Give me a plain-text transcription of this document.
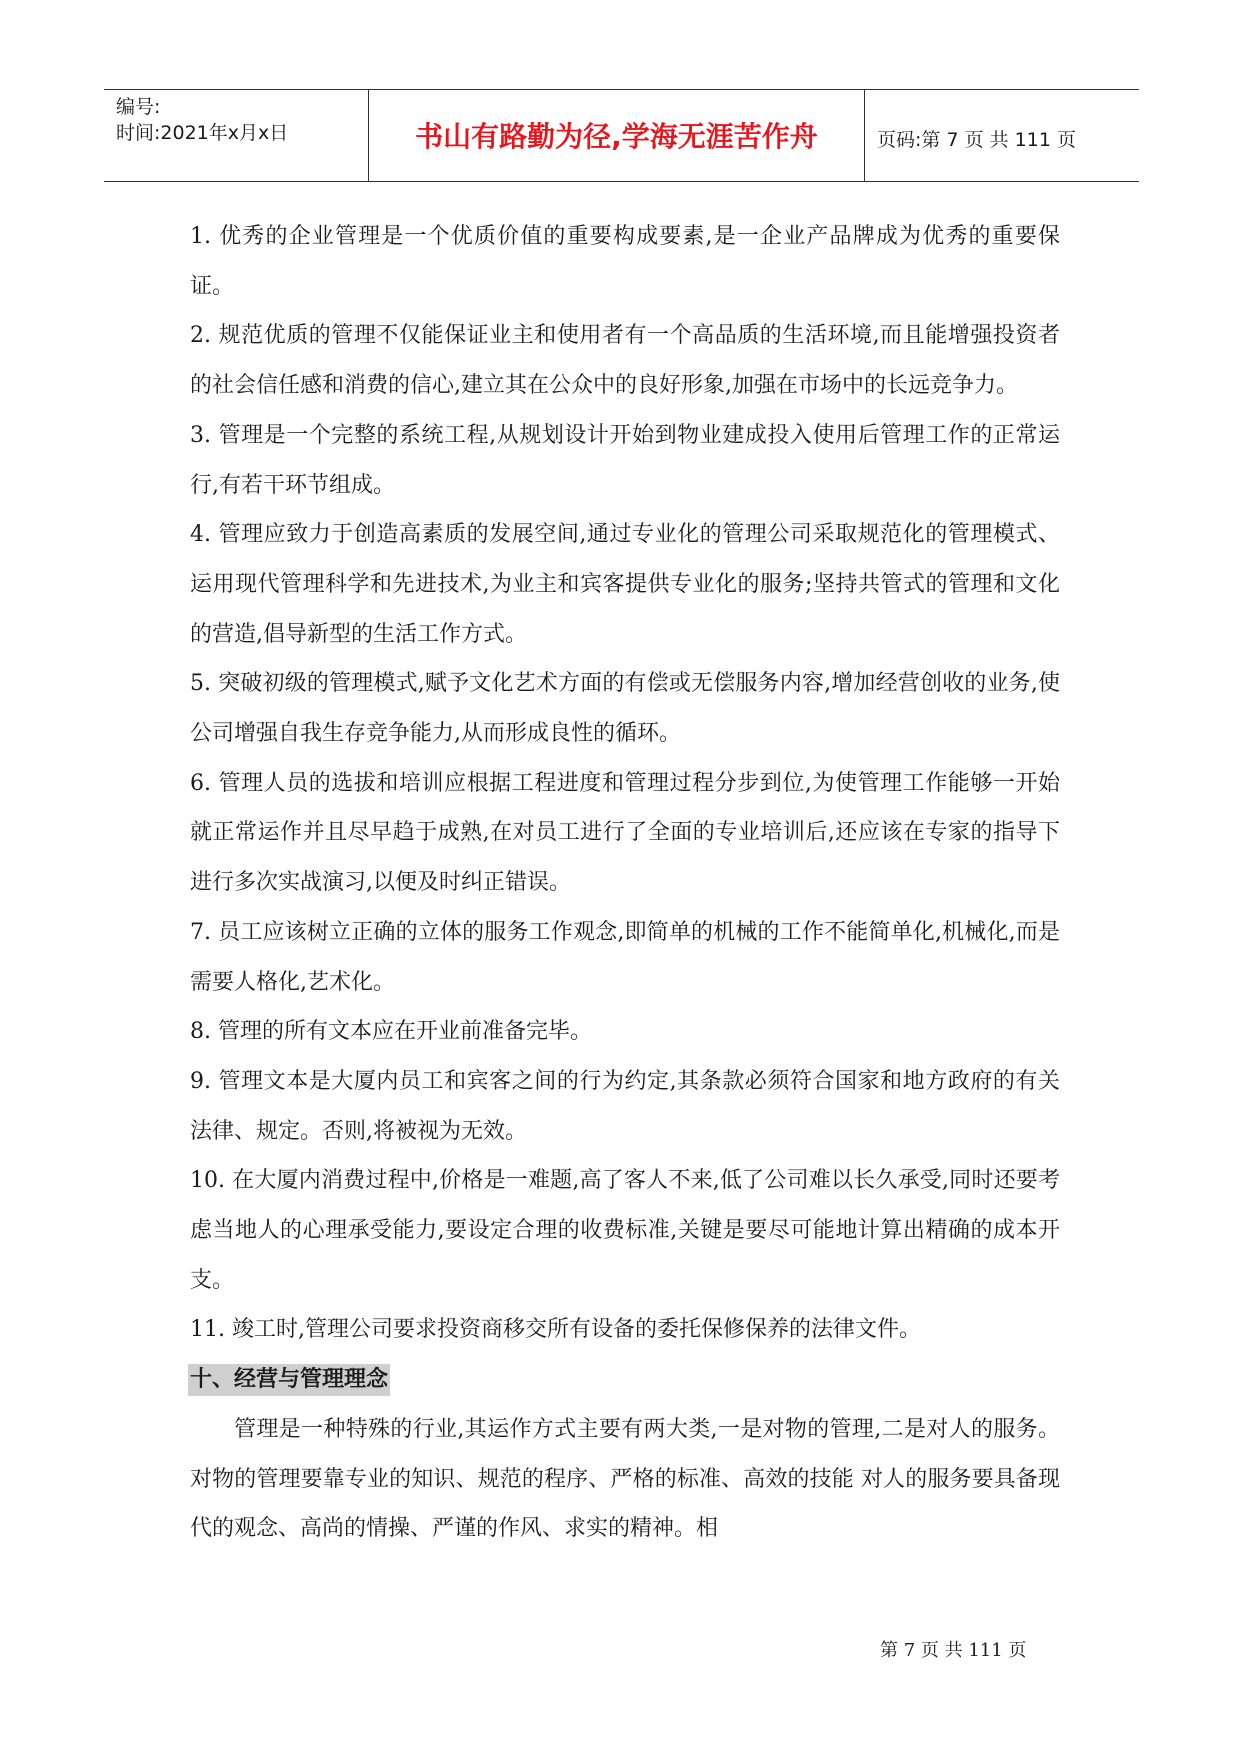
编号:
时间:2021年x月x日	书山有路勤为径,学海无涯苦作舟	页码:第 7 页 共 111 页

1. 优秀的企业管理是一个优质价值的重要构成要素,是一企业产品牌成为优秀的重要保证。

2. 规范优质的管理不仅能保证业主和使用者有一个高品质的生活环境,而且能增强投资者的社会信任感和消费的信心,建立其在公众中的良好形象,加强在市场中的长远竞争力。

3. 管理是一个完整的系统工程,从规划设计开始到物业建成投入使用后管理工作的正常运行,有若干环节组成。

4. 管理应致力于创造高素质的发展空间,通过专业化的管理公司采取规范化的管理模式、运用现代管理科学和先进技术,为业主和宾客提供专业化的服务;坚持共管式的管理和文化的营造,倡导新型的生活工作方式。

5. 突破初级的管理模式,赋予文化艺术方面的有偿或无偿服务内容,增加经营创收的业务,使公司增强自我生存竞争能力,从而形成良性的循环。

6. 管理人员的选拔和培训应根据工程进度和管理过程分步到位,为使管理工作能够一开始就正常运作并且尽早趋于成熟,在对员工进行了全面的专业培训后,还应该在专家的指导下进行多次实战演习,以便及时纠正错误。

7. 员工应该树立正确的立体的服务工作观念,即简单的机械的工作不能简单化,机械化,而是需要人格化,艺术化。

8. 管理的所有文本应在开业前准备完毕。

9. 管理文本是大厦内员工和宾客之间的行为约定,其条款必须符合国家和地方政府的有关法律、规定。否则,将被视为无效。

10. 在大厦内消费过程中,价格是一难题,高了客人不来,低了公司难以长久承受,同时还要考虑当地人的心理承受能力,要设定合理的收费标准,关键是要尽可能地计算出精确的成本开支。

11. 竣工时,管理公司要求投资商移交所有设备的委托保修保养的法律文件。

十、经营与管理理念

管理是一种特殊的行业,其运作方式主要有两大类,一是对物的管理,二是对人的服务。对物的管理要靠专业的知识、规范的程序、严格的标准、高效的技能 对人的服务要具备现代的观念、高尚的情操、严谨的作风、求实的精神。相

第 7 页 共 111 页
